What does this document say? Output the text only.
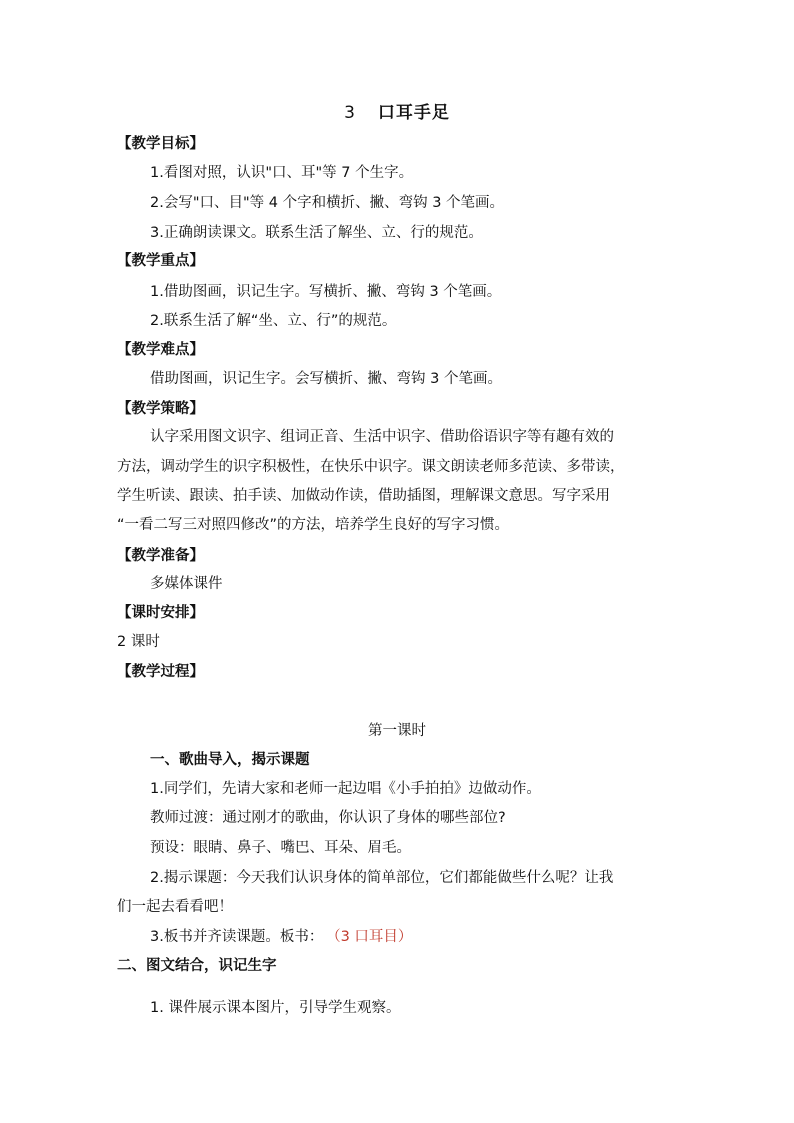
3 口耳手足
【教学目标】
1.看图对照，认识"口、耳"等 7 个生字。
2.会写"口、目"等 4 个字和横折、撇、弯钩 3 个笔画。
3.正确朗读课文。联系生活了解坐、立、行的规范。
【教学重点】
1.借助图画，识记生字。写横折、撇、弯钩 3 个笔画。
2.联系生活了解“坐、立、行”的规范。
【教学难点】
借助图画，识记生字。会写横折、撇、弯钩 3 个笔画。
【教学策略】
认字采用图文识字、组词正音、生活中识字、借助俗语识字等有趣有效的
方法，调动学生的识字积极性，在快乐中识字。课文朗读老师多范读、多带读，
学生听读、跟读、拍手读、加做动作读，借助插图，理解课文意思。写字采用
“一看二写三对照四修改”的方法，培养学生良好的写字习惯。
【教学准备】
多媒体课件
【课时安排】
2 课时
【教学过程】
第一课时
一、歌曲导入，揭示课题
1.同学们，先请大家和老师一起边唱《小手拍拍》边做动作。
教师过渡：通过刚才的歌曲，你认识了身体的哪些部位?
预设：眼睛、鼻子、嘴巴、耳朵、眉毛。
2.揭示课题：今天我们认识身体的简单部位，它们都能做些什么呢？让我
们一起去看看吧！
3.板书并齐读课题。板书： （3 口耳目）
二、图文结合，识记生字
1. 课件展示课本图片，引导学生观察。
